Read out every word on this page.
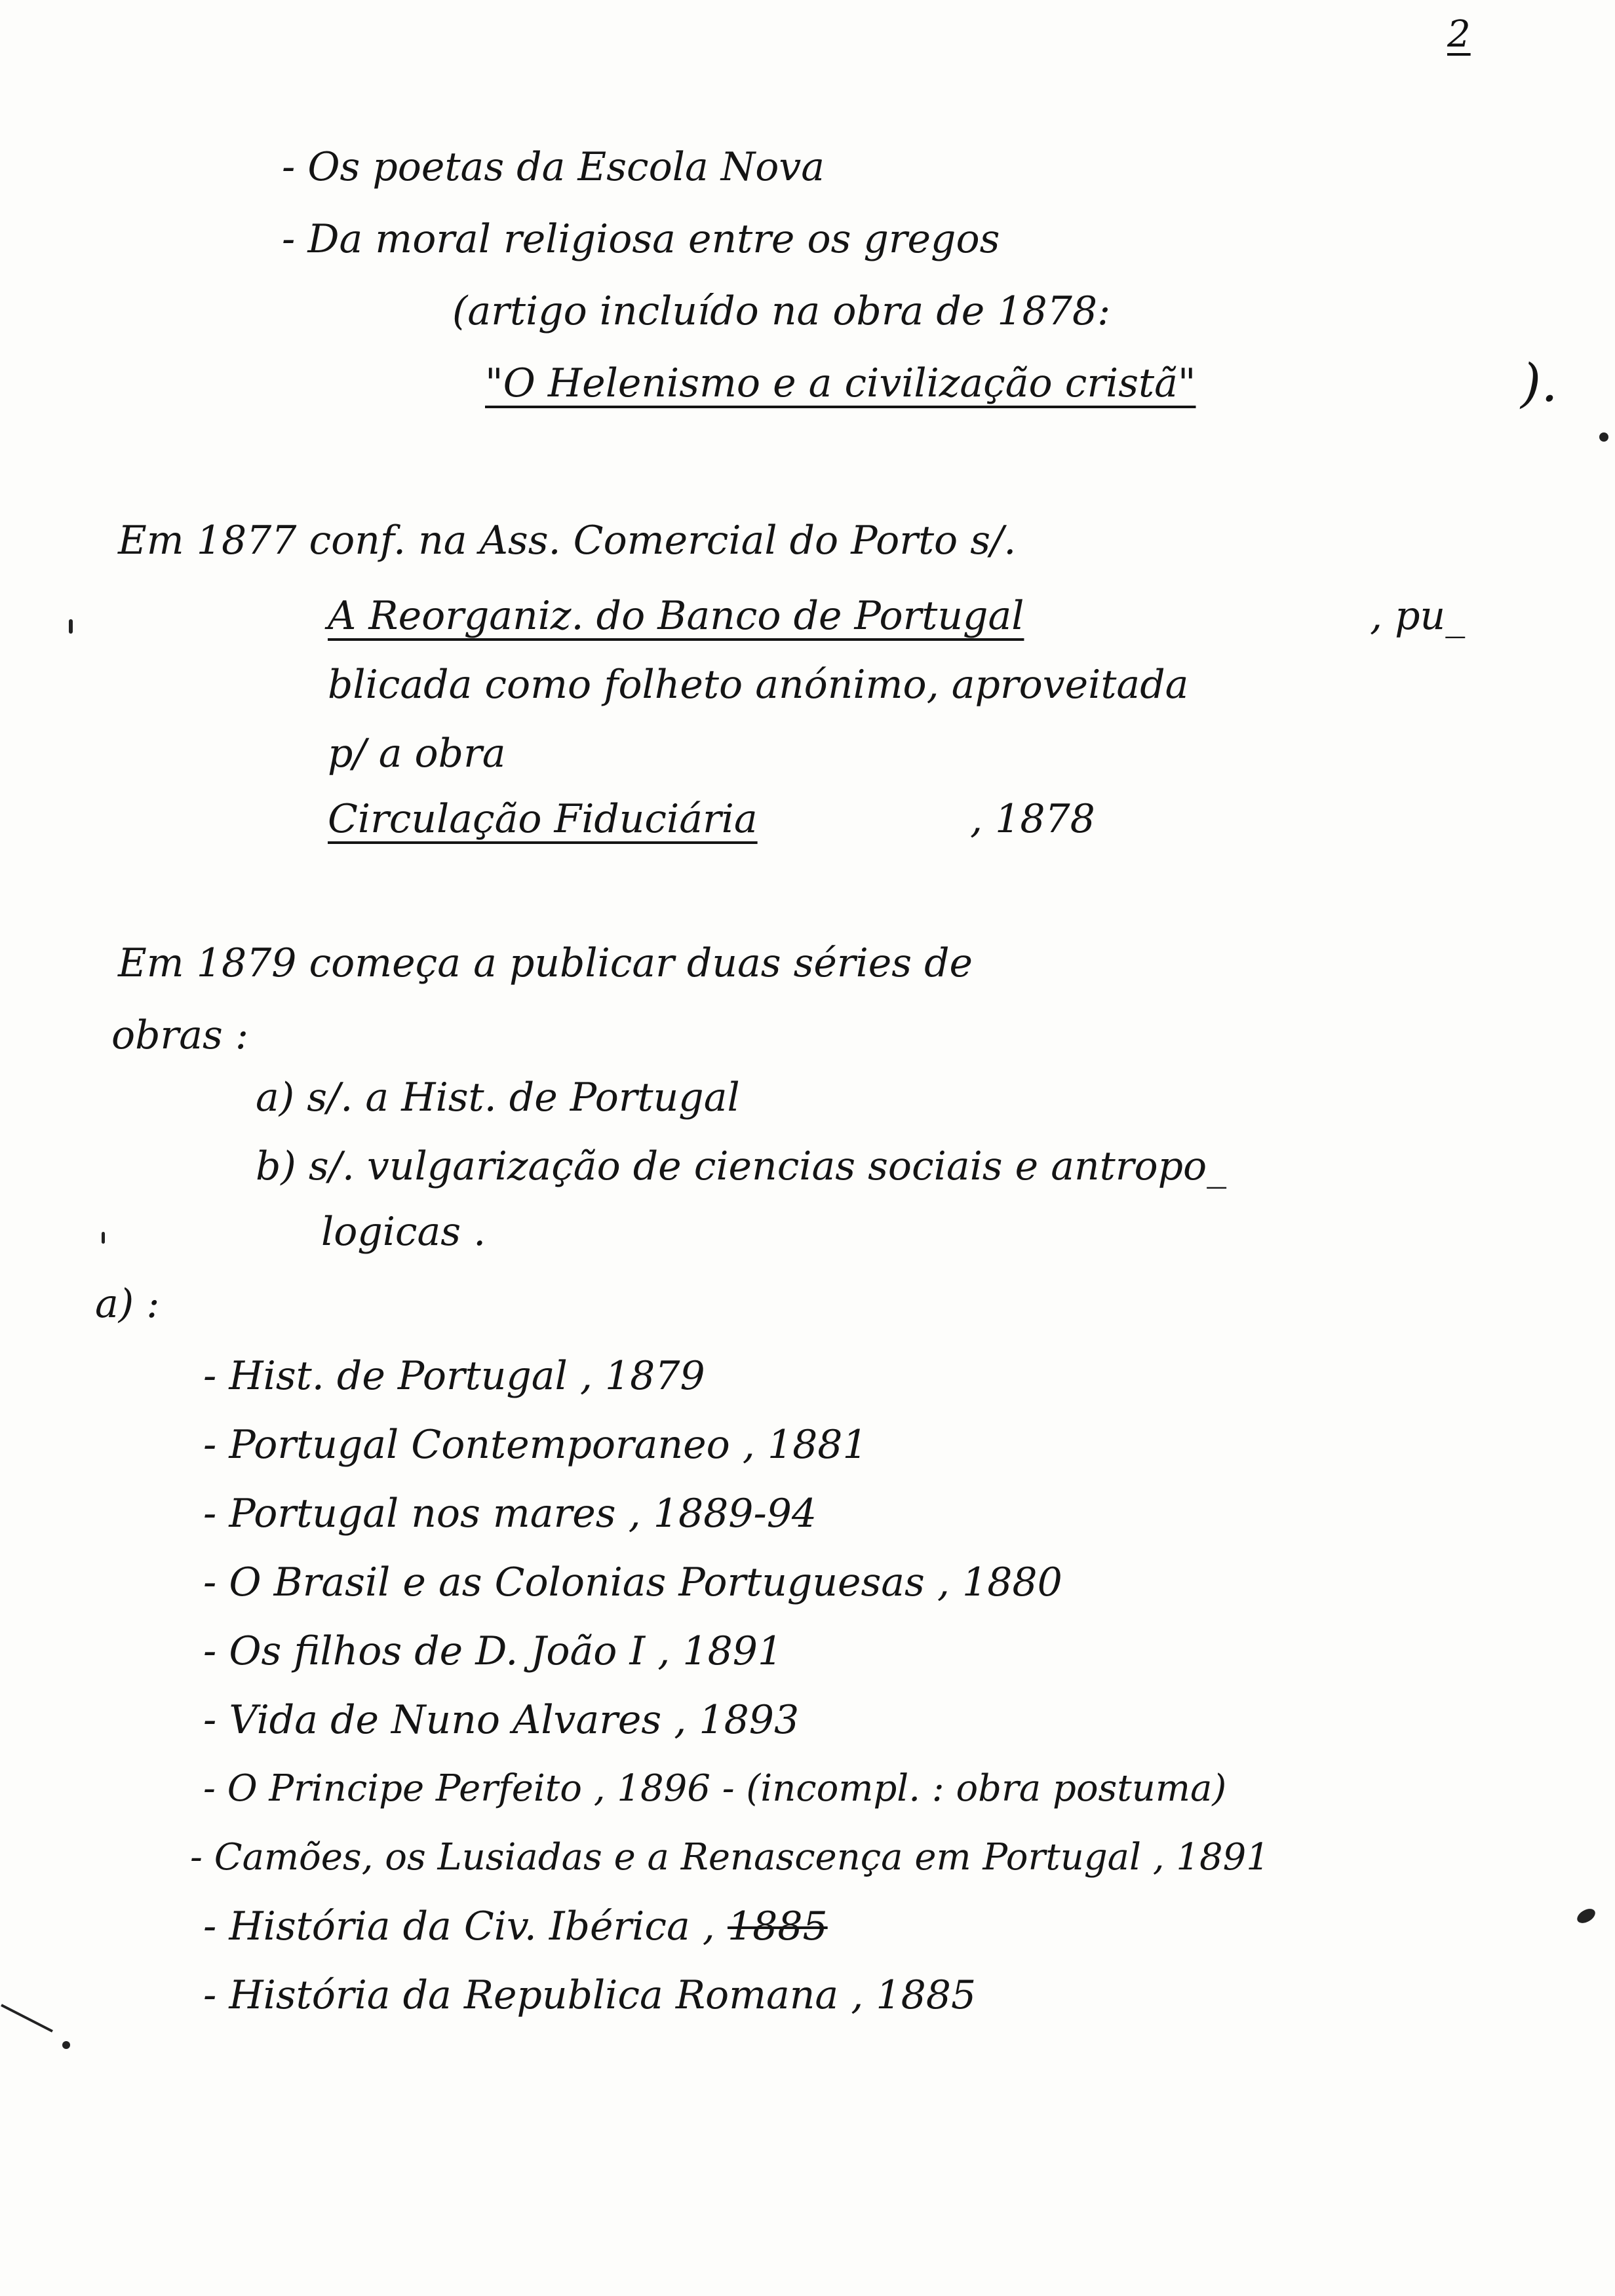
2
- Os poetas da Escola Nova
- Da moral religiosa entre os gregos
(artigo incluído na obra de 1878:
"O Helenismo e a civilização cristã"	).
Em 1877 conf. na Ass. Comercial do Porto s/.
A Reorganiz. do Banco de Portugal	, pu_
blicada como folheto anónimo, aproveitada
p/ a obra
Circulação Fiduciária	, 1878
Em 1879 começa a publicar duas séries de
obras :
a) s/. a Hist. de Portugal
b) s/. vulgarização de ciencias sociais e antropo_
logicas .
a) :
- Hist. de Portugal , 1879
- Portugal Contemporaneo , 1881
- Portugal nos mares , 1889-94
- O Brasil e as Colonias Portuguesas , 1880
- Os filhos de D. João I , 1891
- Vida de Nuno Alvares , 1893
- O Principe Perfeito , 1896 - (incompl. : obra postuma)
- Camões, os Lusiadas e a Renascença em Portugal , 1891
- História da Civ. Ibérica , 1885
- História da Republica Romana , 1885
